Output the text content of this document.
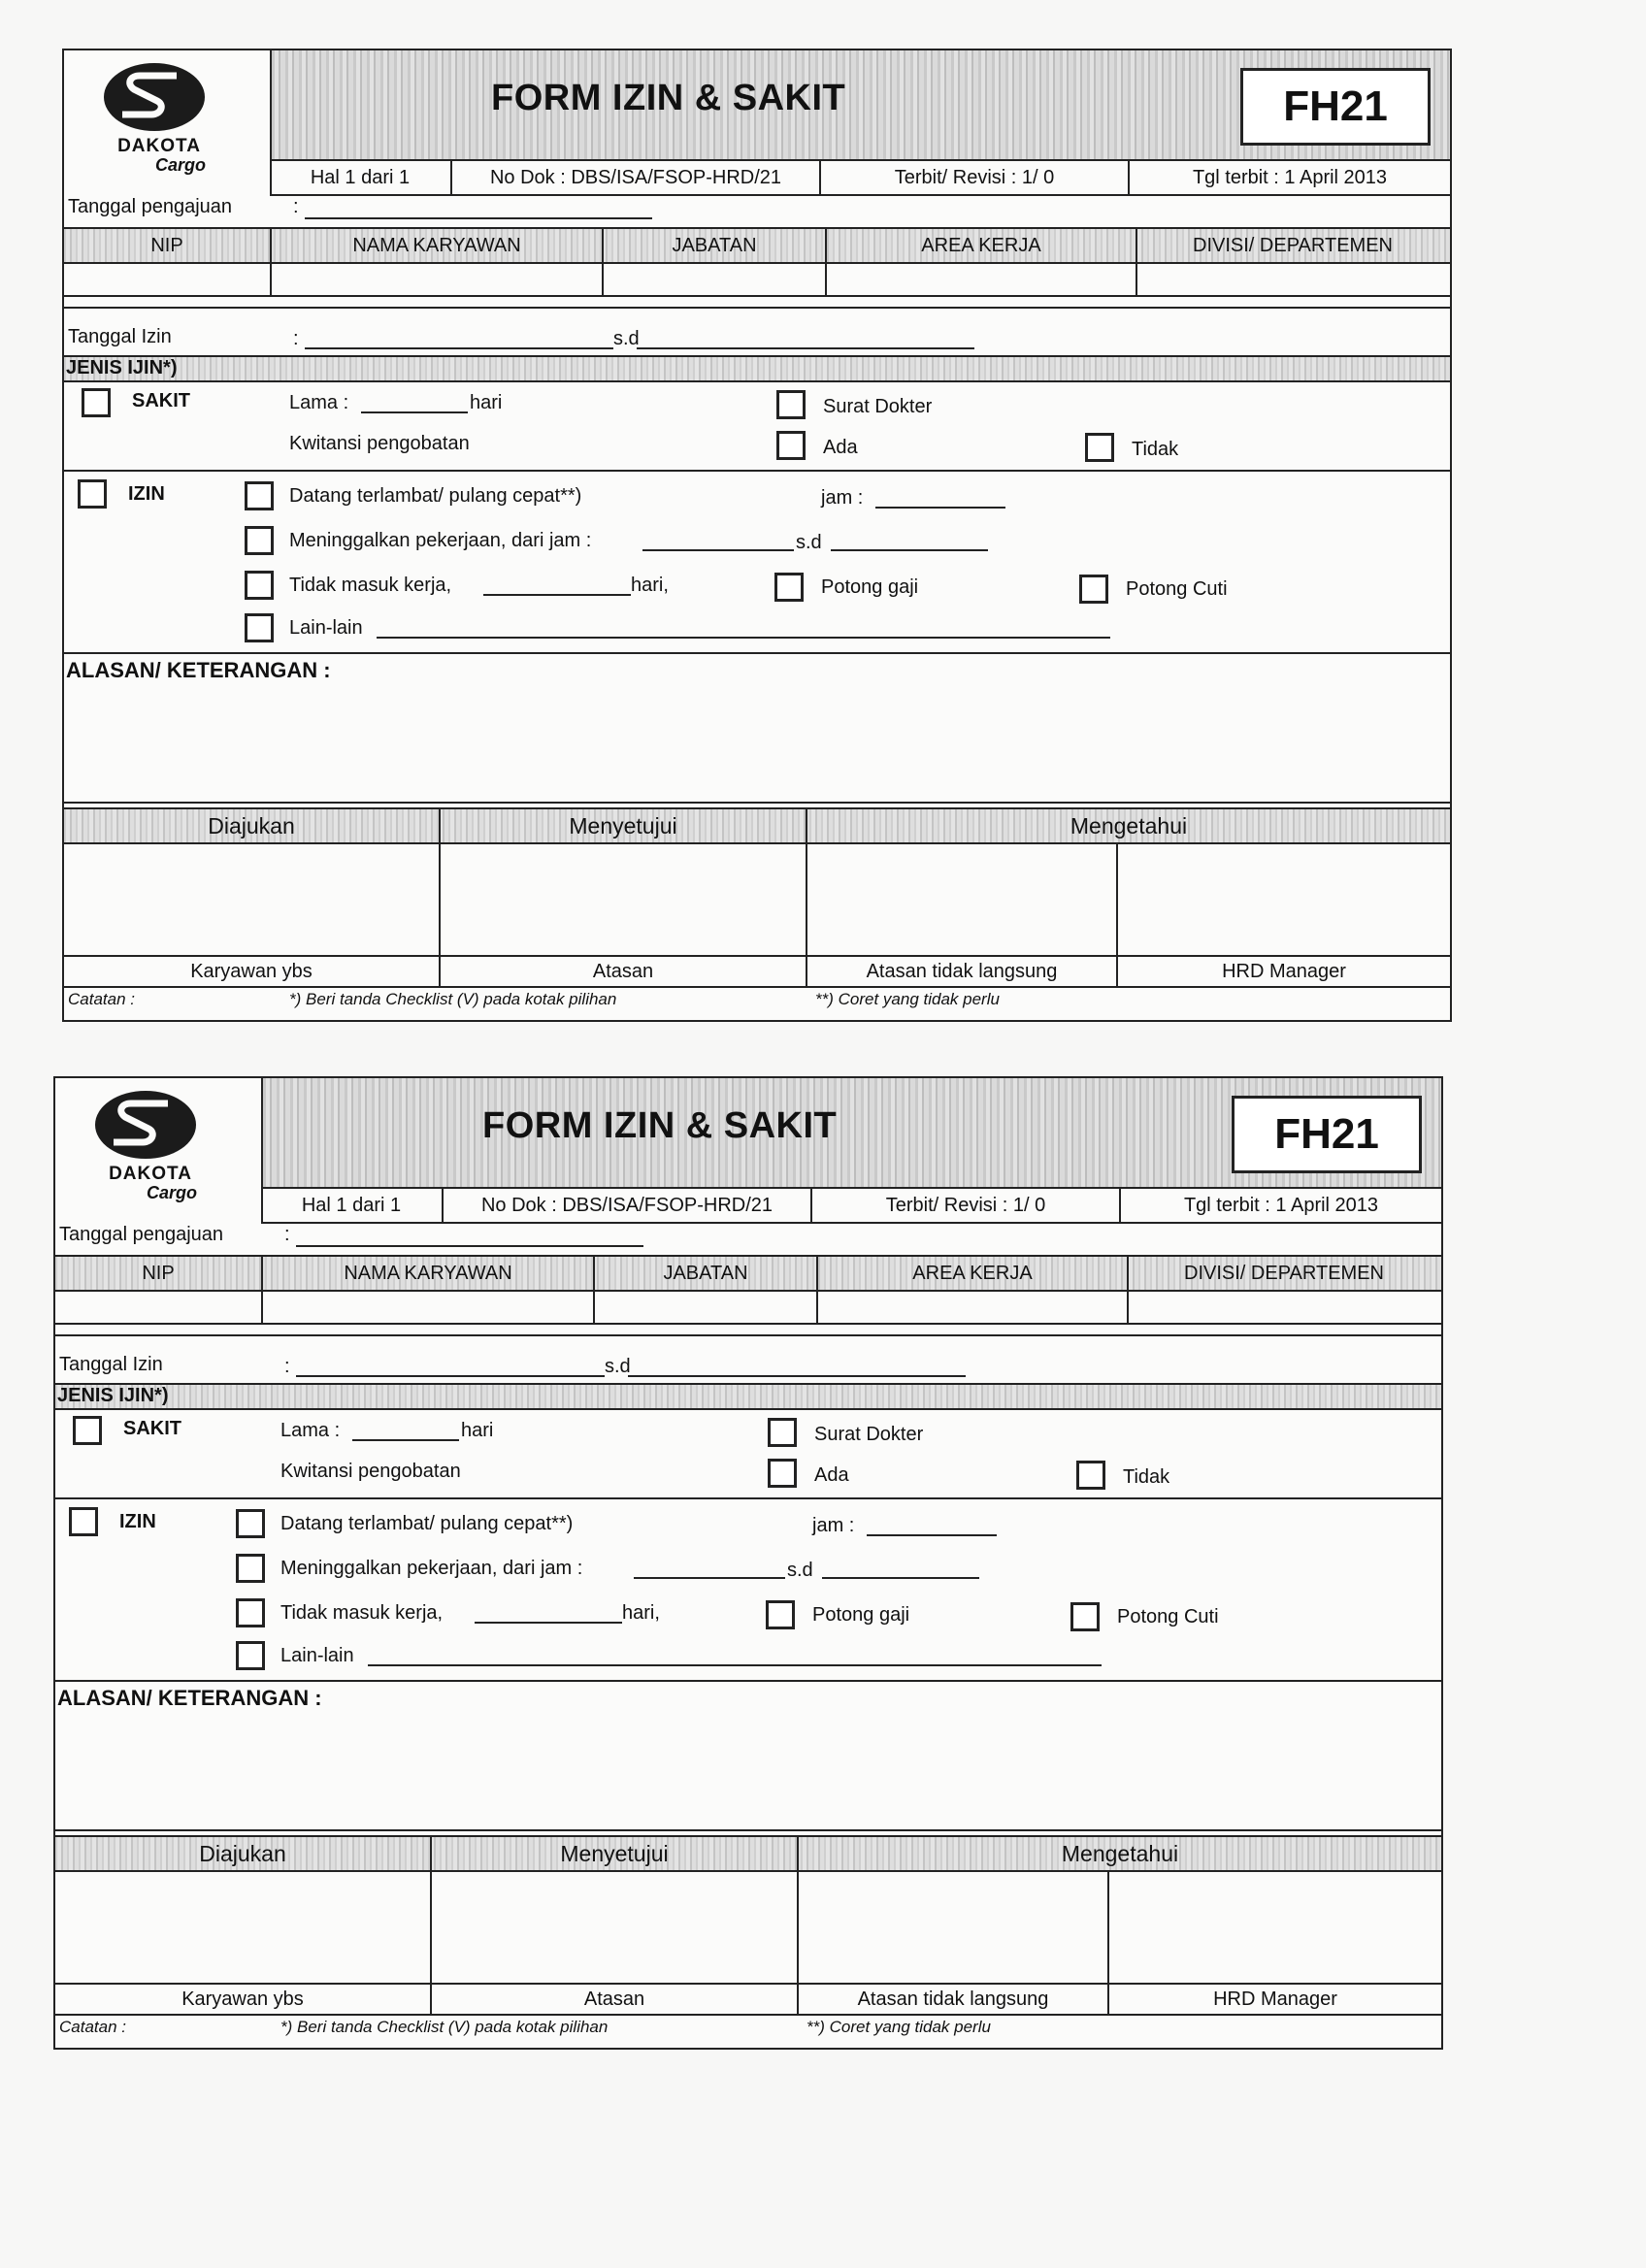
DAKOTA
Cargo
FORM IZIN & SAKIT	FH21
Hal 1 dari 1	No Dok : DBS/ISA/FSOP-HRD/21	Terbit/ Revisi : 1/ 0	Tgl terbit : 1 April 2013
Tanggal pengajuan	:
NIP	NAMA KARYAWAN	JABATAN	AREA KERJA	DIVISI/ DEPARTEMEN
Tanggal Izin	:	s.d
JENIS IJIN*)
SAKIT	Lama :	hari	Surat Dokter
Kwitansi pengobatan	Ada	Tidak
IZIN	Datang terlambat/ pulang cepat**)	jam :
Meninggalkan pekerjaan, dari jam :	s.d
Tidak masuk kerja,	hari,	Potong gaji	Potong Cuti
Lain-lain
ALASAN/ KETERANGAN :
Diajukan	Menyetujui	Mengetahui
Karyawan ybs	Atasan	Atasan tidak langsung	HRD Manager
Catatan :	*) Beri tanda Checklist (V) pada kotak pilihan	**) Coret yang tidak perlu
DAKOTA
Cargo
FORM IZIN & SAKIT	FH21
Hal 1 dari 1	No Dok : DBS/ISA/FSOP-HRD/21	Terbit/ Revisi : 1/ 0	Tgl terbit : 1 April 2013
Tanggal pengajuan	:
NIP	NAMA KARYAWAN	JABATAN	AREA KERJA	DIVISI/ DEPARTEMEN
Tanggal Izin	:	s.d
JENIS IJIN*)
SAKIT	Lama :	hari	Surat Dokter
Kwitansi pengobatan	Ada	Tidak
IZIN	Datang terlambat/ pulang cepat**)	jam :
Meninggalkan pekerjaan, dari jam :	s.d
Tidak masuk kerja,	hari,	Potong gaji	Potong Cuti
Lain-lain
ALASAN/ KETERANGAN :
Diajukan	Menyetujui	Mengetahui
Karyawan ybs	Atasan	Atasan tidak langsung	HRD Manager
Catatan :	*) Beri tanda Checklist (V) pada kotak pilihan	**) Coret yang tidak perlu
